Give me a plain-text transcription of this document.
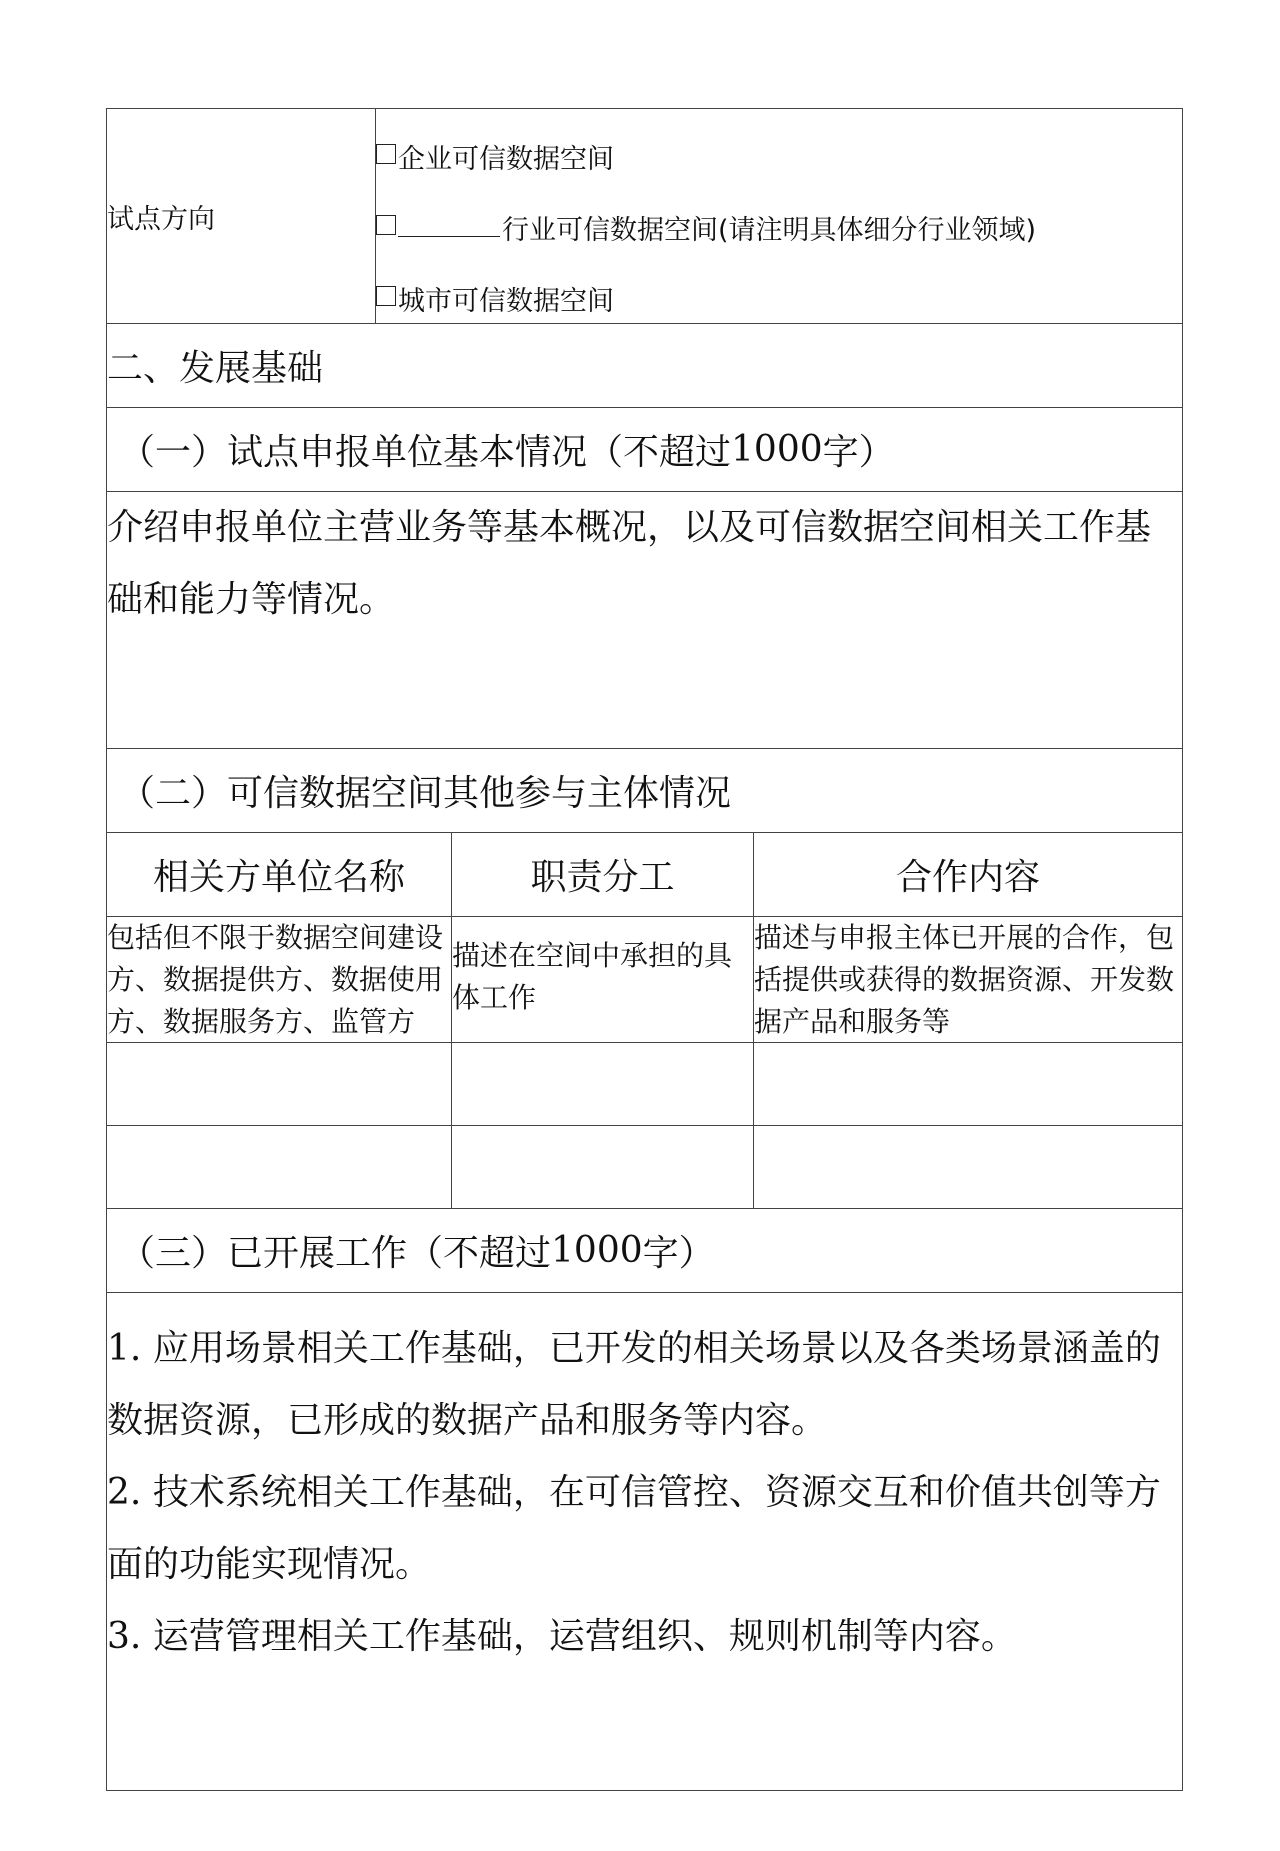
试点方向
企业可信数据空间
行业可信数据空间(请注明具体细分行业领域)
城市可信数据空间
二、发展基础
（一）试点申报单位基本情况（不超过 1000 字）
介绍申报单位主营业务等基本概况，以及可信数据空间相关工作基础和能力等情况。
（二）可信数据空间其他参与主体情况
相关方单位名称	职责分工	合作内容
包括但不限于数据空间建设方、数据提供方、数据使用方、数据服务方、监管方
描述在空间中承担的具体工作
描述与申报主体已开展的合作，包括提供或获得的数据资源、开发数据产品和服务等
（三）已开展工作（不超过 1000 字）
1. 应用场景相关工作基础，已开发的相关场景以及各类场景涵盖的数据资源，已形成的数据产品和服务等内容。
2. 技术系统相关工作基础，在可信管控、资源交互和价值共创等方面的功能实现情况。
3. 运营管理相关工作基础，运营组织、规则机制等内容。
